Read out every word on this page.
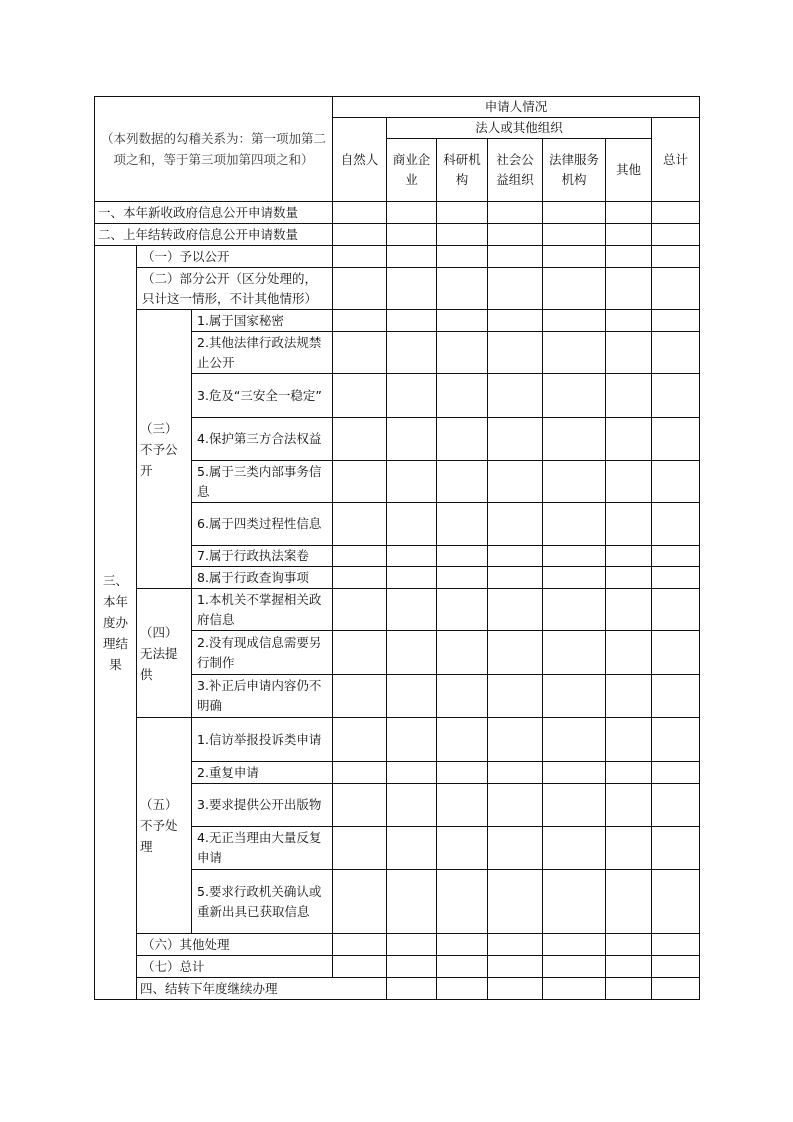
（本列数据的勾稽关系为：第一项加第二项之和，等于第三项加第四项之和）			申请人情况							
			自然人	法人或其他组织					总计	
				商业企业	科研机构	社会公益组织	法律服务机构	其他		
一、本年新收政府信息公开申请数量										
二、上年结转政府信息公开申请数量										
三、本年度办理结果	（一）予以公开									
	（二）部分公开（区分处理的，只计这一情形，不计其他情形）									
	（三）不予公开	1.属于国家秘密								
		2.其他法律行政法规禁止公开								
		3.危及“三安全一稳定”								
		4.保护第三方合法权益								
		5.属于三类内部事务信息								
		6.属于四类过程性信息								
		7.属于行政执法案卷								
		8.属于行政查询事项								
	（四）无法提供	1.本机关不掌握相关政府信息								
		2.没有现成信息需要另行制作								
		3.补正后申请内容仍不明确								
	（五）不予处理	1.信访举报投诉类申请								
		2.重复申请								
		3.要求提供公开出版物								
		4.无正当理由大量反复申请								
		5.要求行政机关确认或重新出具已获取信息								
	（六）其他处理									
	（七）总计									
	四、结转下年度继续办理									
